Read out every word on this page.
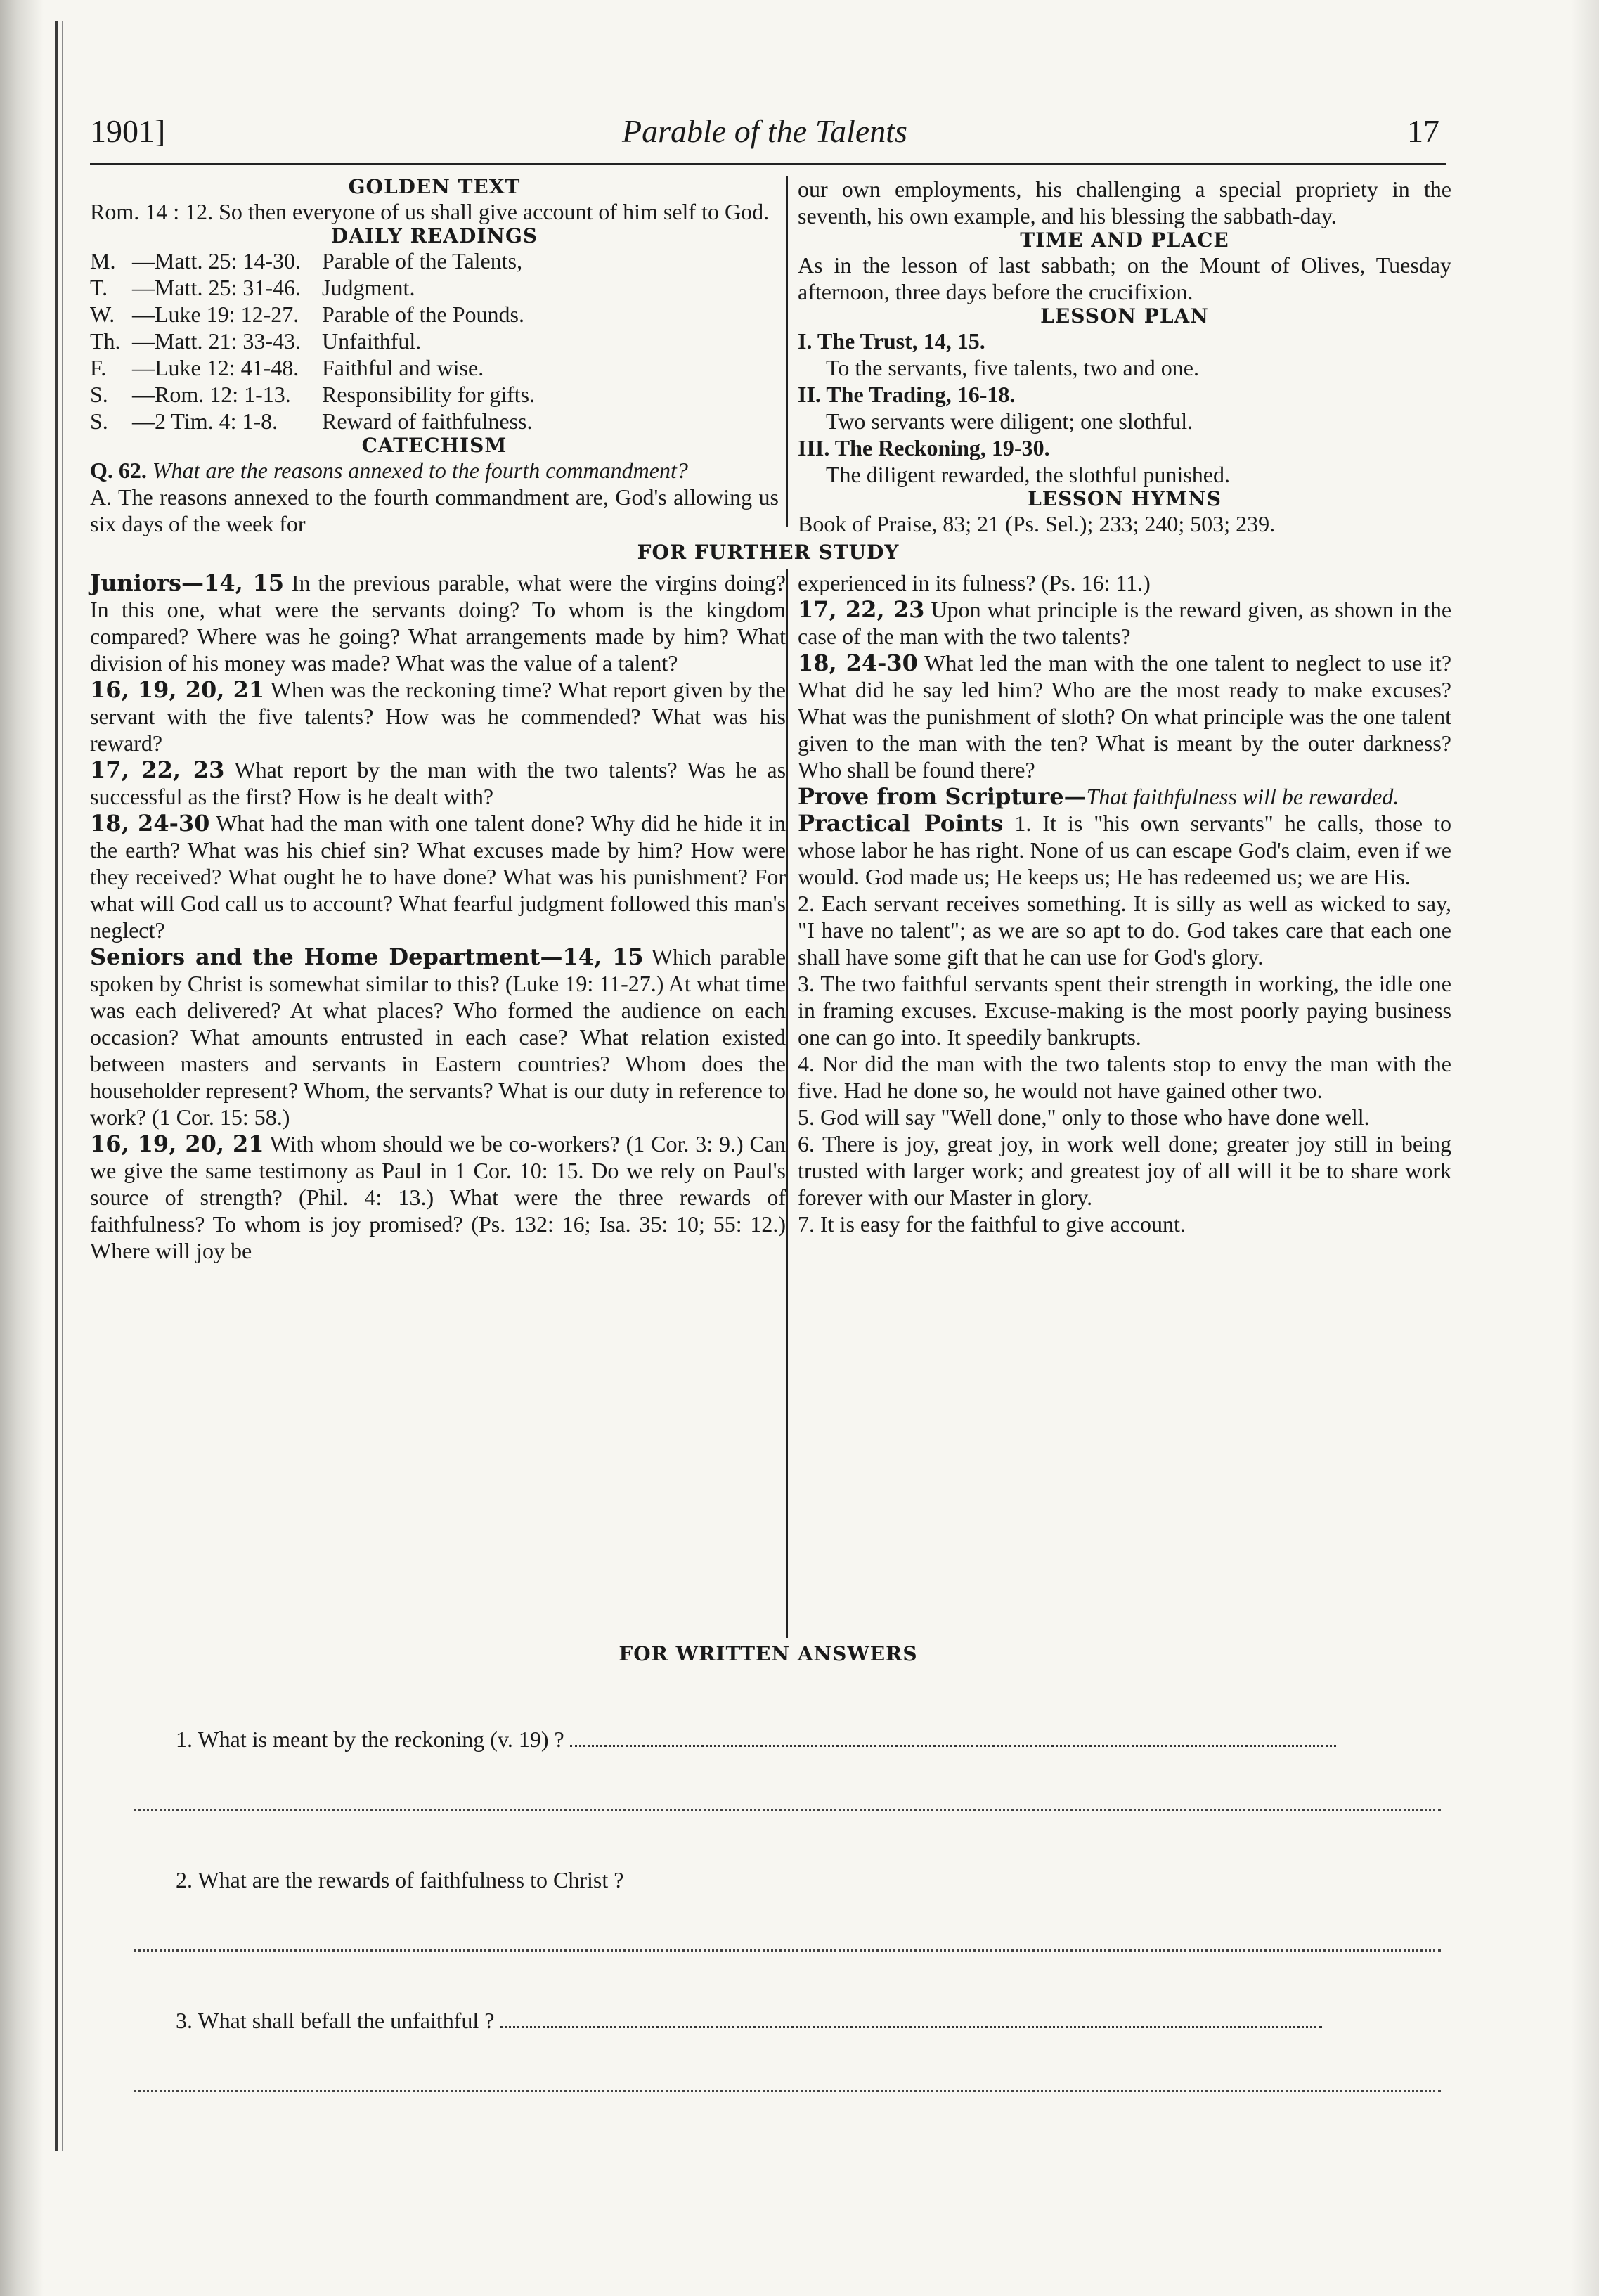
1901]	Parable of the Talents	17
GOLDEN TEXT

Rom. 14 : 12. So then everyone of us shall give account of him self to God.

DAILY READINGS
M. —Matt. 25: 14-30. Parable of the Talents,
T.	—Matt. 25: 31-46. Judgment.
W. —Luke 19: 12-27.	Parable of the Pounds.
Th. —Matt. 21: 33-43. Unfaithful.
F.	—Luke 12: 41-48.	Faithful and wise.
S.	—Rom. 12: 1-13.	Responsibility for gifts.
S.	—2 Tim. 4: 1-8.	Reward of faithfulness.
CATECHISM

Q. 62. What are the reasons annexed to the fourth commandment?

A. The reasons annexed to the fourth commandment are, God's allowing us six days of the week for

our own employments, his challenging a special propriety in the seventh, his own example, and his blessing the sabbath-day.

TIME AND PLACE

As in the lesson of last sabbath; on the Mount of Olives, Tuesday afternoon, three days before the crucifixion.

LESSON PLAN
I. The Trust, 14, 15.
To the servants, five talents, two and one.
II. The Trading, 16-18.
Two servants were diligent; one slothful.
III. The Reckoning, 19-30.
The diligent rewarded, the slothful punished.
LESSON HYMNS
Book of Praise, 83; 21 (Ps. Sel.); 233; 240; 503; 239.
FOR FURTHER STUDY

Juniors—14, 15 In the previous parable, what were the virgins doing? In this one, what were the servants doing? To whom is the kingdom compared? Where was he going? What arrangements made by him? What division of his money was made? What was the value of a talent?

16, 19, 20, 21 When was the reckoning time? What report given by the servant with the five talents? How was he commended? What was his reward?

17, 22, 23 What report by the man with the two talents? Was he as successful as the first? How is he dealt with?

18, 24-30 What had the man with one talent done? Why did he hide it in the earth? What was his chief sin? What excuses made by him? How were they received? What ought he to have done? What was his punishment? For what will God call us to account? What fearful judgment followed this man's neglect?

Seniors and the Home Department—14, 15 Which parable spoken by Christ is somewhat similar to this? (Luke 19: 11-27.) At what time was each delivered? At what places? Who formed the audience on each occasion? What amounts entrusted in each case? What relation existed between masters and servants in Eastern countries? Whom does the householder represent? Whom, the servants? What is our duty in reference to work? (1 Cor. 15: 58.)

16, 19, 20, 21 With whom should we be co-workers? (1 Cor. 3: 9.) Can we give the same testimony as Paul in 1 Cor. 10: 15. Do we rely on Paul's source of strength? (Phil. 4: 13.) What were the three rewards of faithfulness? To whom is joy promised? (Ps. 132: 16; Isa. 35: 10; 55: 12.) Where will joy be

experienced in its fulness? (Ps. 16: 11.)

17, 22, 23 Upon what principle is the reward given, as shown in the case of the man with the two talents?

18, 24-30 What led the man with the one talent to neglect to use it? What did he say led him? Who are the most ready to make excuses? What was the punishment of sloth? On what principle was the one talent given to the man with the ten? What is meant by the outer darkness? Who shall be found there?

Prove from Scripture—That faithfulness will be rewarded.

Practical Points 1. It is "his own servants" he calls, those to whose labor he has right. None of us can escape God's claim, even if we would. God made us; He keeps us; He has redeemed us; we are His.

2. Each servant receives something. It is silly as well as wicked to say, "I have no talent"; as we are so apt to do. God takes care that each one shall have some gift that he can use for God's glory.

3. The two faithful servants spent their strength in working, the idle one in framing excuses. Excuse-making is the most poorly paying business one can go into. It speedily bankrupts.

4. Nor did the man with the two talents stop to envy the man with the five. Had he done so, he would not have gained other two.

5. God will say "Well done," only to those who have done well.

6. There is joy, great joy, in work well done; greater joy still in being trusted with larger work; and greatest joy of all will it be to share work forever with our Master in glory.

7. It is easy for the faithful to give account.

FOR WRITTEN ANSWERS
1. What is meant by the reckoning (v. 19) ?
2. What are the rewards of faithfulness to Christ ?
3. What shall befall the unfaithful ?
